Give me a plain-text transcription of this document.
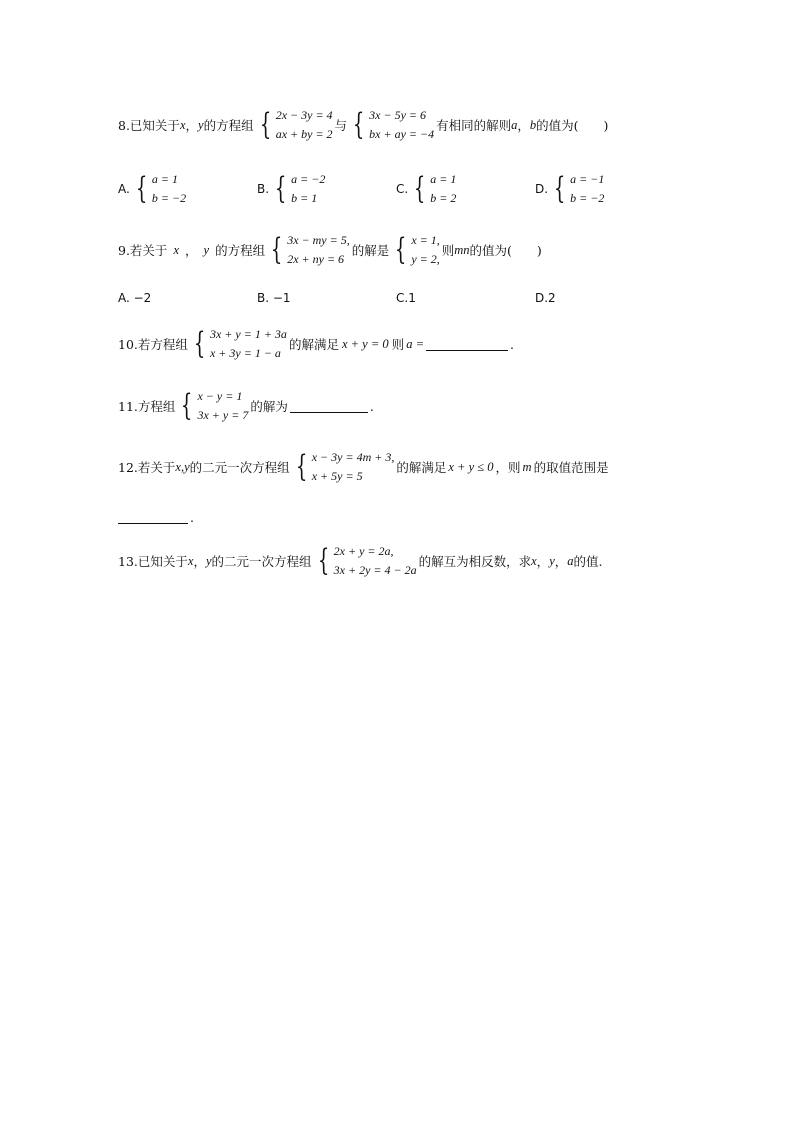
8.已知关于 x ， y 的方程组 { 2x − 3y = 4
ax + by = 2
与 { 3x − 5y = 6
bx + ay = −4
有相同的解则 a ， b 的值为(　　)
A. { a = 1
b = −2
B. { a = −2
b = 1
C. { a = 1
b = 2
D. { a = −1
b = −2
9.若关于 x ， y 的方程组 { 3x − my = 5,
2x + ny = 6
的解是 { x = 1,
y = 2,
则 mn 的值为(　　)
A. −2	B. −1	C.1	D.2
10.若方程组 { 3x + y = 1 + 3a
x + 3y = 1 − a
的解满足 x + y = 0 则 a =	.
11.方程组 { x − y = 1
3x + y = 7
的解为	.
12.若关于 x,y 的二元一次方程组 { x − 3y = 4m + 3,
x + 5y = 5
的解满足 x + y ≤ 0 ，则 m 的取值范围是
.
13.已知关于 x ， y 的二元一次方程组 { 2x + y = 2a,
3x + 2y = 4 − 2a
的解互为相反数，求 x ， y ， a 的值.
